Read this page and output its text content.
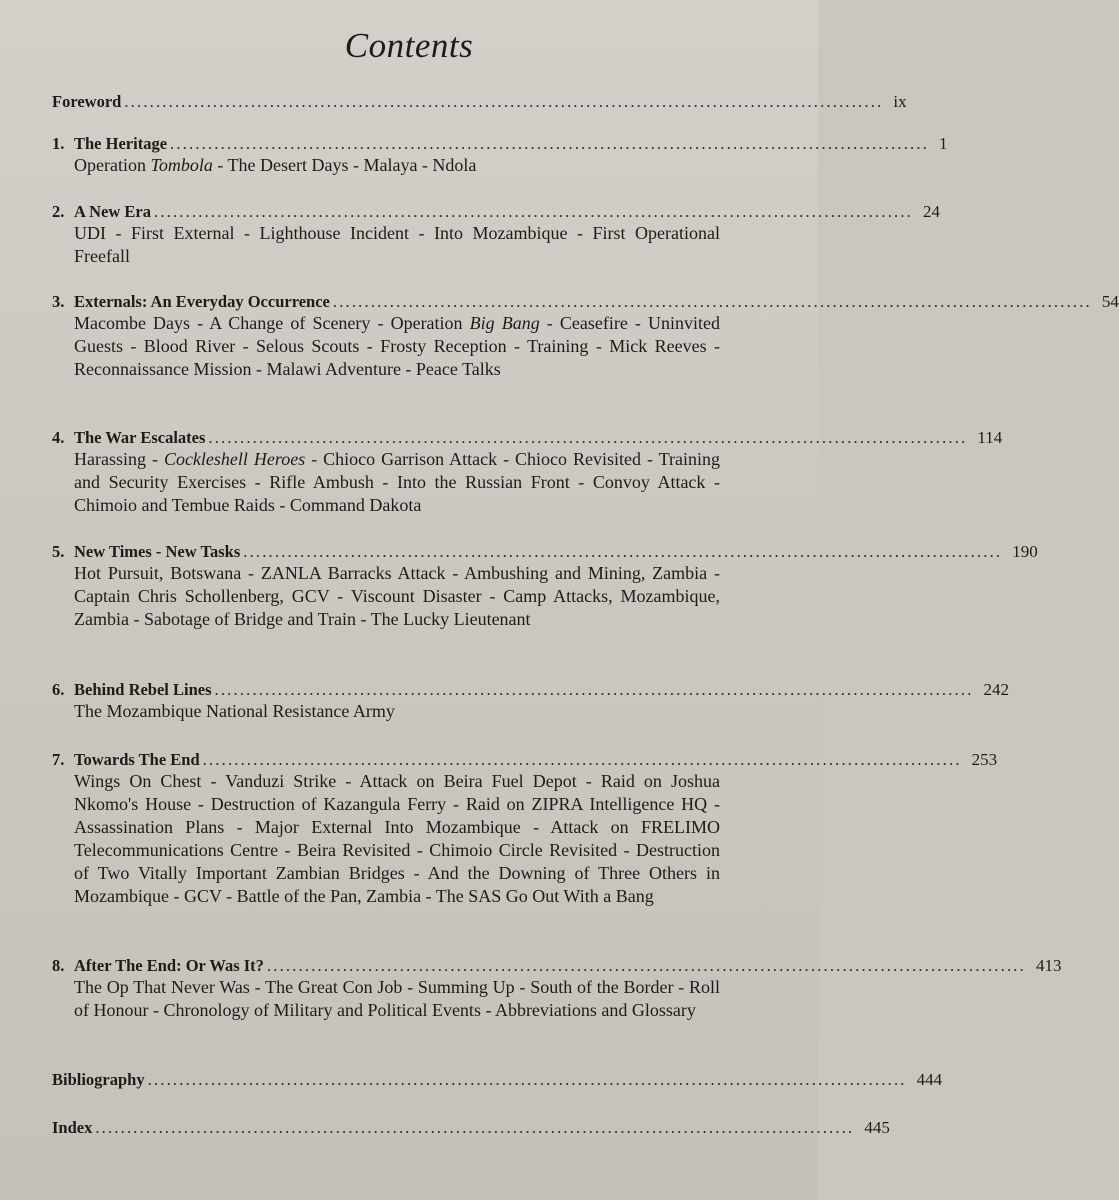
Contents
Foreword ........................................................................................................................ ix
1. The Heritage ........................................................................................................................ 1
Operation Tombola - The Desert Days - Malaya - Ndola
2. A New Era ........................................................................................................................ 24
UDI - First External - Lighthouse Incident - Into Mozambique - First Operational Freefall
3. Externals: An Everyday Occurrence ........................................................................................................................ 54
Macombe Days - A Change of Scenery - Operation Big Bang - Ceasefire - Uninvited Guests - Blood River - Selous Scouts - Frosty Reception - Training - Mick Reeves - Reconnaissance Mission - Malawi Adventure - Peace Talks
4. The War Escalates ........................................................................................................................ 114
Harassing - Cockleshell Heroes - Chioco Garrison Attack - Chioco Revisited - Training and Security Exercises - Rifle Ambush - Into the Russian Front - Convoy Attack - Chimoio and Tembue Raids - Command Dakota
5. New Times - New Tasks ........................................................................................................................ 190
Hot Pursuit, Botswana - ZANLA Barracks Attack - Ambushing and Mining, Zambia - Captain Chris Schollenberg, GCV - Viscount Disaster - Camp Attacks, Mozambique, Zambia - Sabotage of Bridge and Train - The Lucky Lieutenant
6. Behind Rebel Lines ........................................................................................................................ 242
The Mozambique National Resistance Army
7. Towards The End ........................................................................................................................ 253
Wings On Chest - Vanduzi Strike - Attack on Beira Fuel Depot - Raid on Joshua Nkomo's House - Destruction of Kazangula Ferry - Raid on ZIPRA Intelligence HQ - Assassination Plans - Major External Into Mozambique - Attack on FRELIMO Telecommunications Centre - Beira Revisited - Chimoio Circle Revisited - Destruction of Two Vitally Important Zambian Bridges - And the Downing of Three Others in Mozambique - GCV - Battle of the Pan, Zambia - The SAS Go Out With a Bang
8. After The End: Or Was It? ........................................................................................................................ 413
The Op That Never Was - The Great Con Job - Summing Up - South of the Border - Roll of Honour - Chronology of Military and Political Events - Abbreviations and Glossary
Bibliography ........................................................................................................................ 444
Index ........................................................................................................................ 445
